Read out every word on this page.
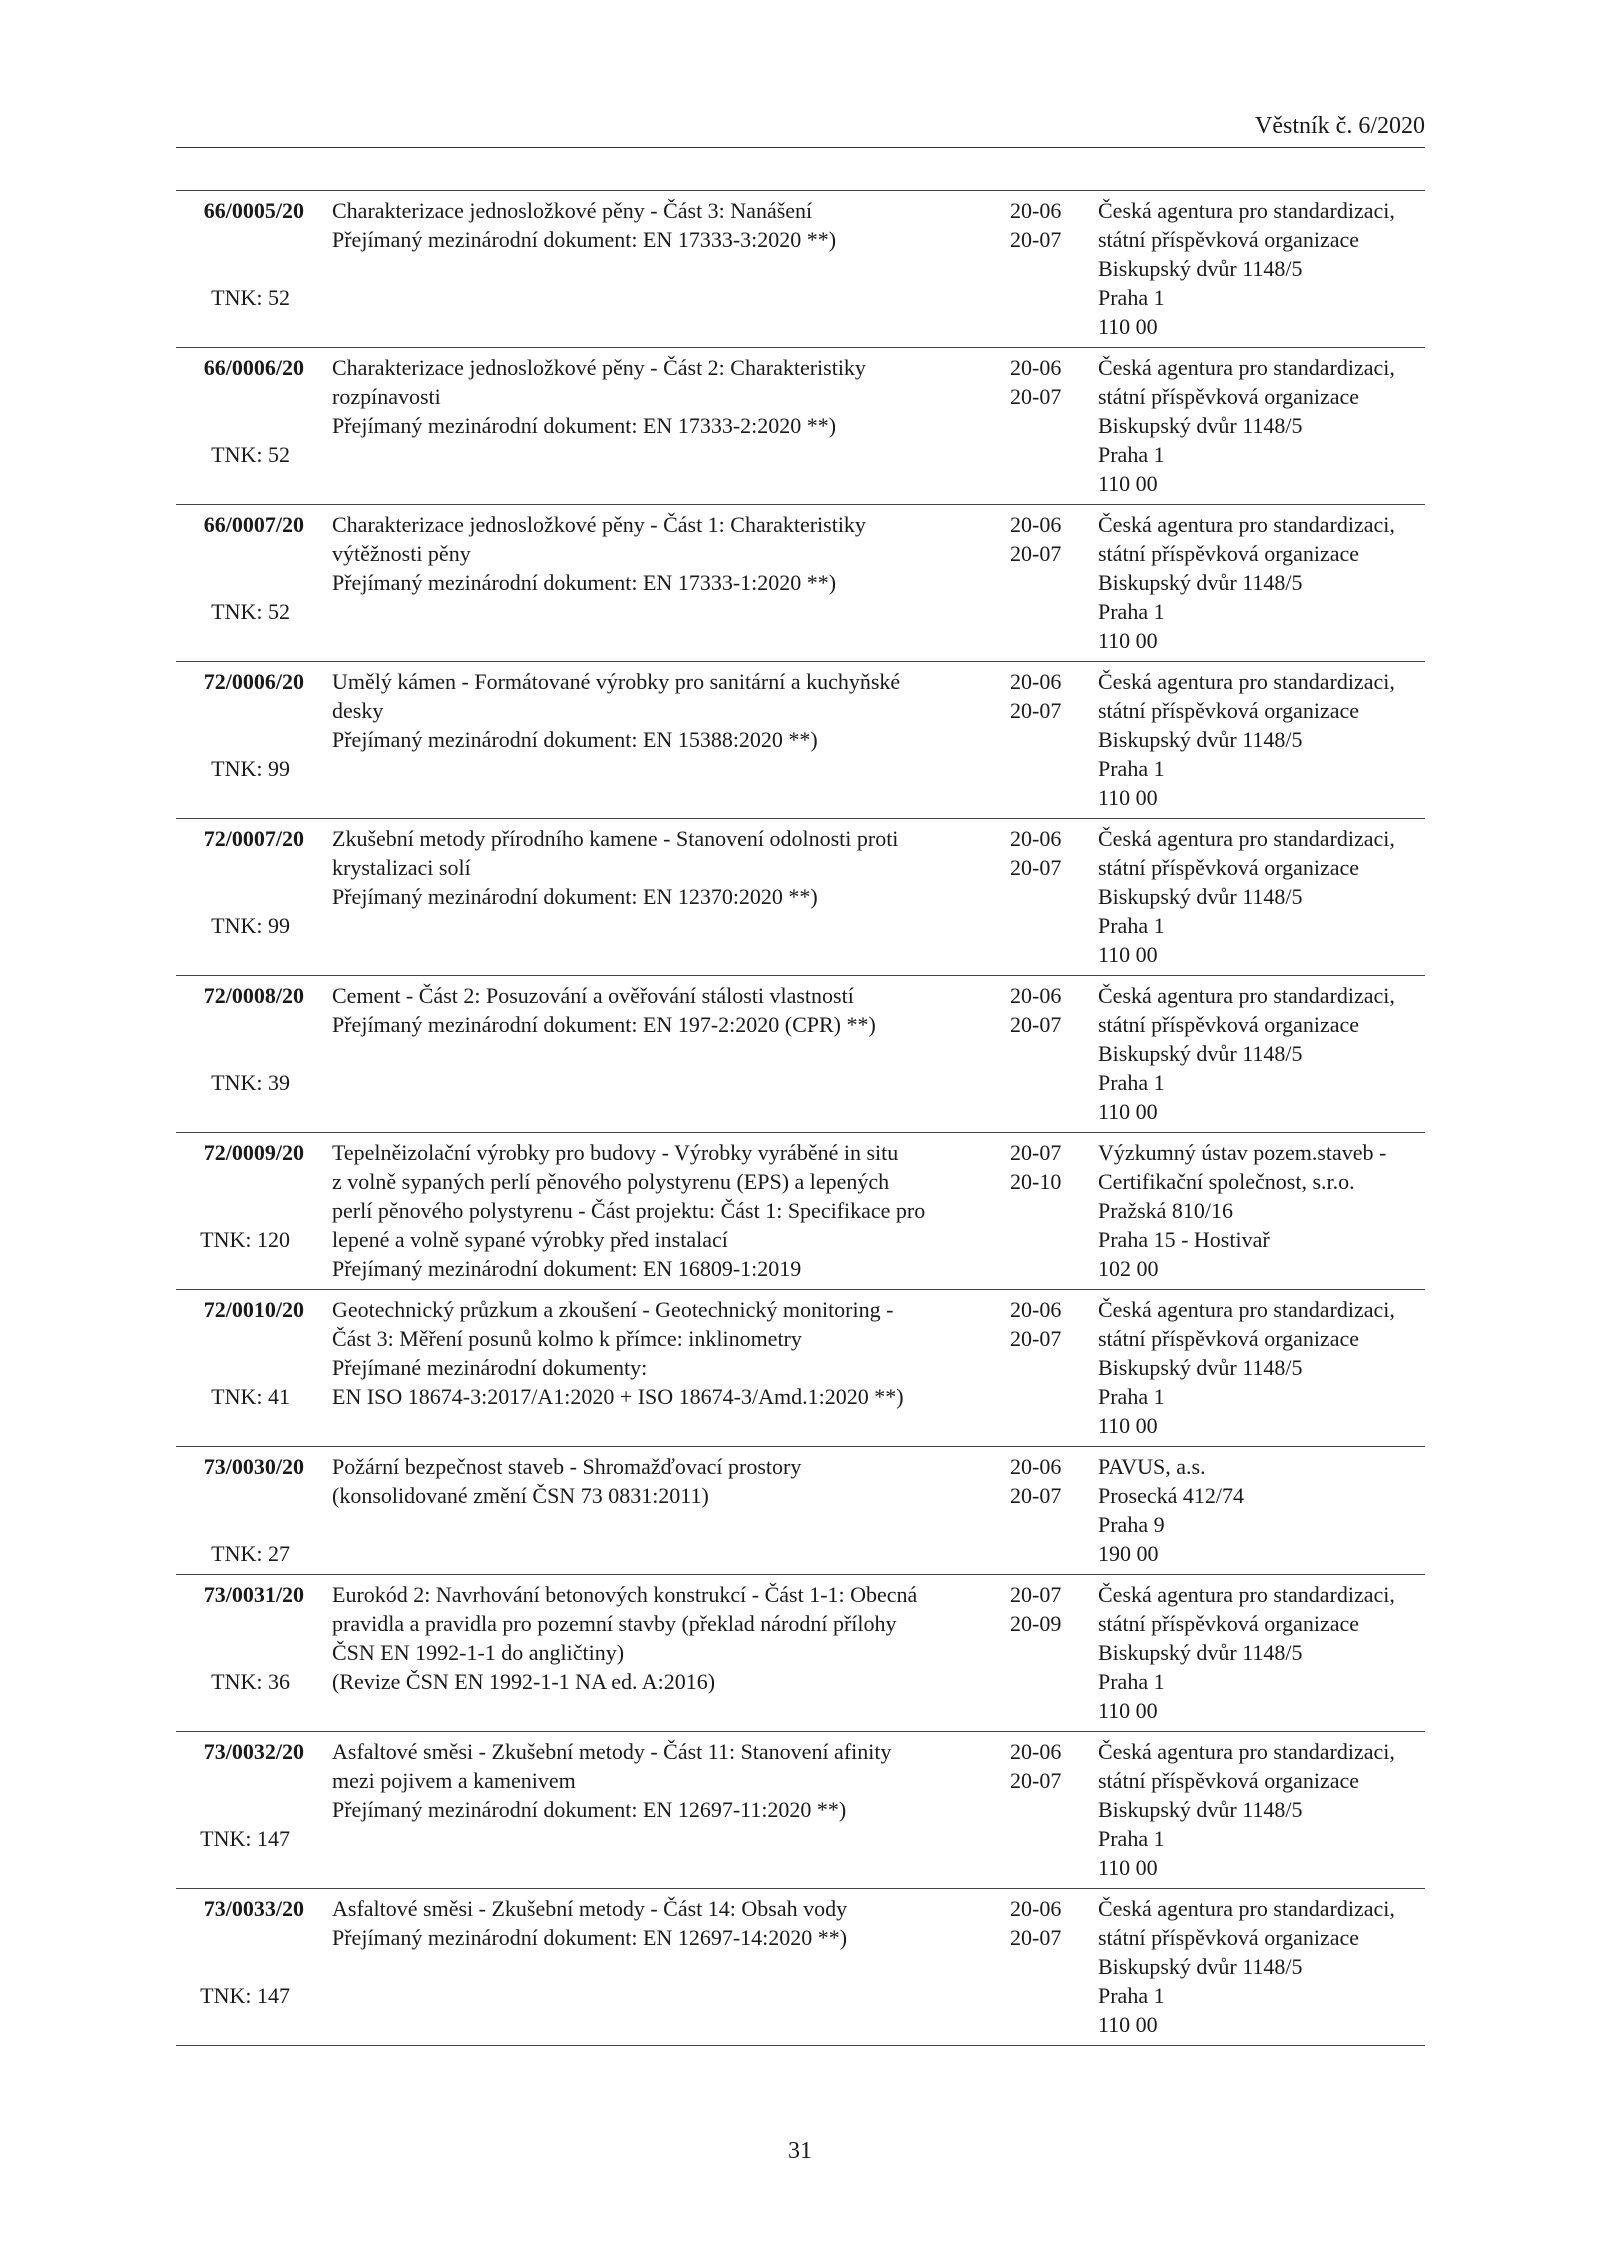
Věstník č. 6/2020
66/0005/20
TNK: 52
Charakterizace jednosložkové pěny - Část 3: Nanášení
Přejímaný mezinárodní dokument: EN 17333-3:2020 **)
20-06
20-07
Česká agentura pro standardizaci,
státní příspěvková organizace
Biskupský dvůr 1148/5
Praha 1
110 00
66/0006/20
TNK: 52
Charakterizace jednosložkové pěny - Část 2: Charakteristiky
rozpínavosti
Přejímaný mezinárodní dokument: EN 17333-2:2020 **)
20-06
20-07
Česká agentura pro standardizaci,
státní příspěvková organizace
Biskupský dvůr 1148/5
Praha 1
110 00
66/0007/20
TNK: 52
Charakterizace jednosložkové pěny - Část 1: Charakteristiky
výtěžnosti pěny
Přejímaný mezinárodní dokument: EN 17333-1:2020 **)
20-06
20-07
Česká agentura pro standardizaci,
státní příspěvková organizace
Biskupský dvůr 1148/5
Praha 1
110 00
72/0006/20
TNK: 99
Umělý kámen - Formátované výrobky pro sanitární a kuchyňské
desky
Přejímaný mezinárodní dokument: EN 15388:2020 **)
20-06
20-07
Česká agentura pro standardizaci,
státní příspěvková organizace
Biskupský dvůr 1148/5
Praha 1
110 00
72/0007/20
TNK: 99
Zkušební metody přírodního kamene - Stanovení odolnosti proti
krystalizaci solí
Přejímaný mezinárodní dokument: EN 12370:2020 **)
20-06
20-07
Česká agentura pro standardizaci,
státní příspěvková organizace
Biskupský dvůr 1148/5
Praha 1
110 00
72/0008/20
TNK: 39
Cement - Část 2: Posuzování a ověřování stálosti vlastností
Přejímaný mezinárodní dokument: EN 197-2:2020 (CPR) **)
20-06
20-07
Česká agentura pro standardizaci,
státní příspěvková organizace
Biskupský dvůr 1148/5
Praha 1
110 00
72/0009/20
TNK: 120
Tepelněizolační výrobky pro budovy - Výrobky vyráběné in situ
z volně sypaných perlí pěnového polystyrenu (EPS) a lepených
perlí pěnového polystyrenu - Část projektu: Část 1: Specifikace pro
lepené a volně sypané výrobky před instalací
Přejímaný mezinárodní dokument: EN 16809-1:2019
20-07
20-10
Výzkumný ústav pozem.staveb -
Certifikační společnost, s.r.o.
Pražská 810/16
Praha 15 - Hostivař
102 00
72/0010/20
TNK: 41
Geotechnický průzkum a zkoušení - Geotechnický monitoring -
Část 3: Měření posunů kolmo k přímce: inklinometry
Přejímané mezinárodní dokumenty:
EN ISO 18674-3:2017/A1:2020 + ISO 18674-3/Amd.1:2020 **)
20-06
20-07
Česká agentura pro standardizaci,
státní příspěvková organizace
Biskupský dvůr 1148/5
Praha 1
110 00
73/0030/20
TNK: 27
Požární bezpečnost staveb - Shromažďovací prostory
(konsolidované změní ČSN 73 0831:2011)
20-06
20-07
PAVUS, a.s.
Prosecká 412/74
Praha 9
190 00
73/0031/20
TNK: 36
Eurokód 2: Navrhování betonových konstrukcí - Část 1-1: Obecná
pravidla a pravidla pro pozemní stavby (překlad národní přílohy
ČSN EN 1992-1-1 do angličtiny)
(Revize ČSN EN 1992-1-1 NA ed. A:2016)
20-07
20-09
Česká agentura pro standardizaci,
státní příspěvková organizace
Biskupský dvůr 1148/5
Praha 1
110 00
73/0032/20
TNK: 147
Asfaltové směsi - Zkušební metody - Část 11: Stanovení afinity
mezi pojivem a kamenivem
Přejímaný mezinárodní dokument: EN 12697-11:2020 **)
20-06
20-07
Česká agentura pro standardizaci,
státní příspěvková organizace
Biskupský dvůr 1148/5
Praha 1
110 00
73/0033/20
TNK: 147
Asfaltové směsi - Zkušební metody - Část 14: Obsah vody
Přejímaný mezinárodní dokument: EN 12697-14:2020 **)
20-06
20-07
Česká agentura pro standardizaci,
státní příspěvková organizace
Biskupský dvůr 1148/5
Praha 1
110 00
31
